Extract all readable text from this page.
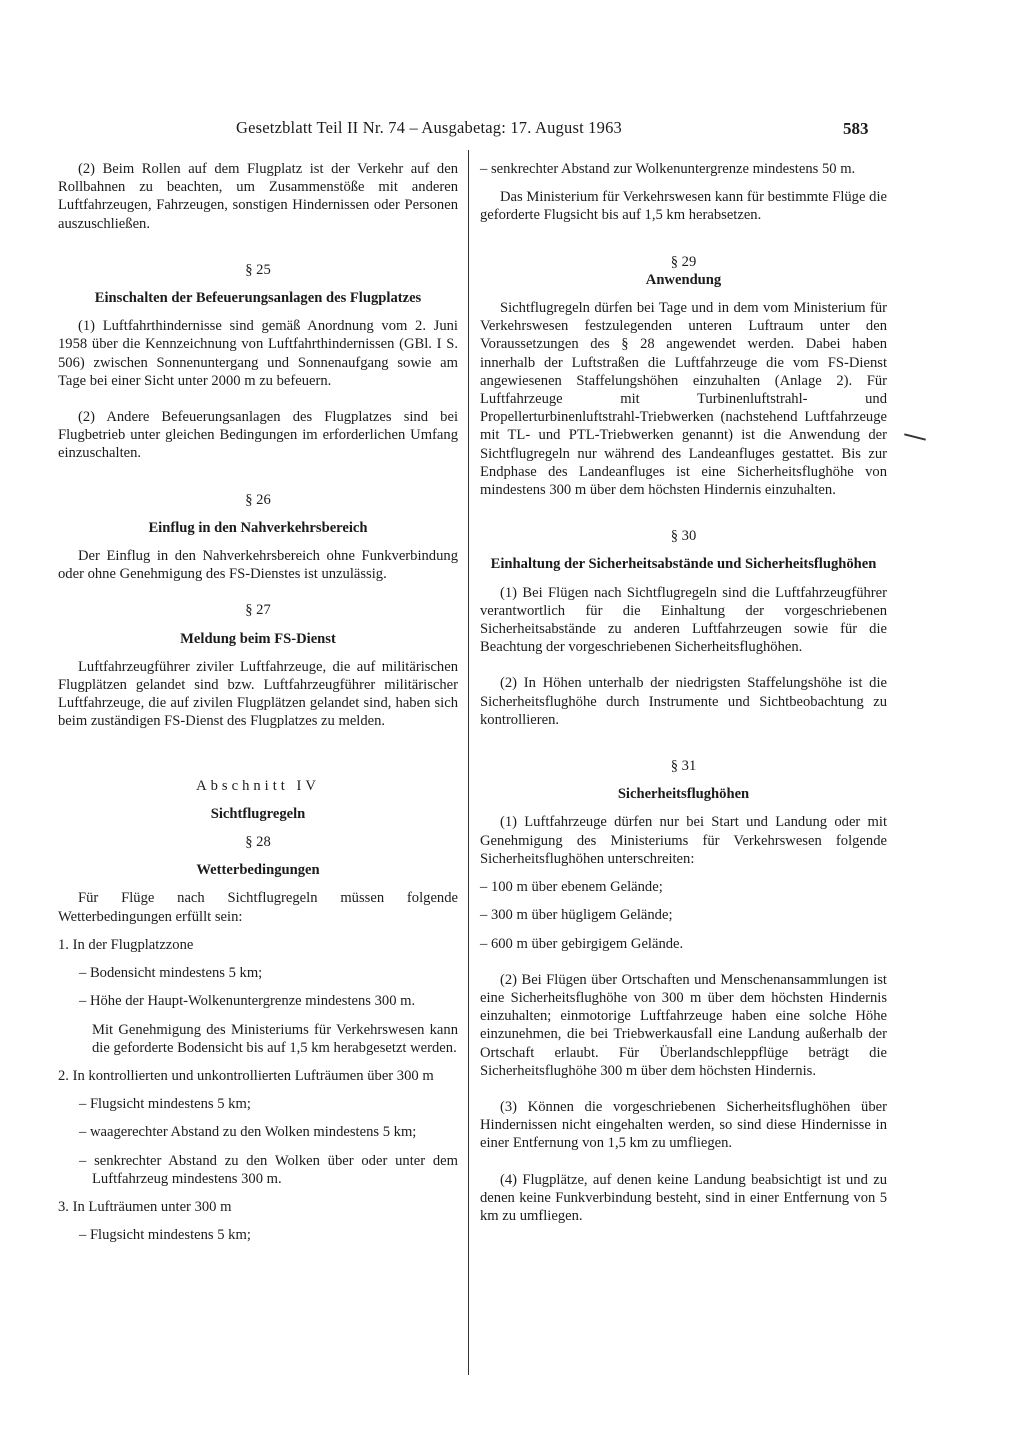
Gesetzblatt Teil II Nr. 74 – Ausgabetag: 17. August 1963	583

(2) Beim Rollen auf dem Flugplatz ist der Verkehr auf den Rollbahnen zu beachten, um Zusammenstöße mit anderen Luftfahrzeugen, Fahrzeugen, sonstigen Hindernissen oder Personen auszuschließen.

§ 25

Einschalten der Befeuerungsanlagen des Flugplatzes

(1) Luftfahrthindernisse sind gemäß Anordnung vom 2. Juni 1958 über die Kennzeichnung von Luftfahrthindernissen (GBl. I S. 506) zwischen Sonnenuntergang und Sonnenaufgang sowie am Tage bei einer Sicht unter 2000 m zu befeuern.

(2) Andere Befeuerungsanlagen des Flugplatzes sind bei Flugbetrieb unter gleichen Bedingungen im erforderlichen Umfang einzuschalten.

§ 26

Einflug in den Nahverkehrsbereich

Der Einflug in den Nahverkehrsbereich ohne Funkverbindung oder ohne Genehmigung des FS-Dienstes ist unzulässig.

§ 27

Meldung beim FS-Dienst

Luftfahrzeugführer ziviler Luftfahrzeuge, die auf militärischen Flugplätzen gelandet sind bzw. Luftfahrzeugführer militärischer Luftfahrzeuge, die auf zivilen Flugplätzen gelandet sind, haben sich beim zuständigen FS-Dienst des Flugplatzes zu melden.

Abschnitt IV

Sichtflugregeln

§ 28

Wetterbedingungen

Für Flüge nach Sichtflugregeln müssen folgende Wetterbedingungen erfüllt sein:

1. In der Flugplatzzone

– Bodensicht mindestens 5 km;

– Höhe der Haupt-Wolkenuntergrenze mindestens 300 m.

Mit Genehmigung des Ministeriums für Verkehrswesen kann die geforderte Bodensicht bis auf 1,5 km herabgesetzt werden.

2. In kontrollierten und unkontrollierten Lufträumen über 300 m

– Flugsicht mindestens 5 km;

– waagerechter Abstand zu den Wolken mindestens 5 km;

– senkrechter Abstand zu den Wolken über oder unter dem Luftfahrzeug mindestens 300 m.

3. In Lufträumen unter 300 m

– Flugsicht mindestens 5 km;

– senkrechter Abstand zur Wolkenuntergrenze mindestens 50 m.

Das Ministerium für Verkehrswesen kann für bestimmte Flüge die geforderte Flugsicht bis auf 1,5 km herabsetzen.

§ 29

Anwendung

Sichtflugregeln dürfen bei Tage und in dem vom Ministerium für Verkehrswesen festzulegenden unteren Luftraum unter den Voraussetzungen des § 28 angewendet werden. Dabei haben innerhalb der Luftstraßen die Luftfahrzeuge die vom FS-Dienst angewiesenen Staffelungshöhen einzuhalten (Anlage 2). Für Luftfahrzeuge mit Turbinenluftstrahl- und Propellerturbinenluftstrahl-Triebwerken (nachstehend Luftfahrzeuge mit TL- und PTL-Triebwerken genannt) ist die Anwendung der Sichtflugregeln nur während des Landeanfluges gestattet. Bis zur Endphase des Landeanfluges ist eine Sicherheitsflughöhe von mindestens 300 m über dem höchsten Hindernis einzuhalten.

§ 30

Einhaltung der Sicherheitsabstände und Sicherheitsflughöhen

(1) Bei Flügen nach Sichtflugregeln sind die Luftfahrzeugführer verantwortlich für die Einhaltung der vorgeschriebenen Sicherheitsabstände zu anderen Luftfahrzeugen sowie für die Beachtung der vorgeschriebenen Sicherheitsflughöhen.

(2) In Höhen unterhalb der niedrigsten Staffelungshöhe ist die Sicherheitsflughöhe durch Instrumente und Sichtbeobachtung zu kontrollieren.

§ 31

Sicherheitsflughöhen

(1) Luftfahrzeuge dürfen nur bei Start und Landung oder mit Genehmigung des Ministeriums für Verkehrswesen folgende Sicherheitsflughöhen unterschreiten:

– 100 m über ebenem Gelände;

– 300 m über hügligem Gelände;

– 600 m über gebirgigem Gelände.

(2) Bei Flügen über Ortschaften und Menschenansammlungen ist eine Sicherheitsflughöhe von 300 m über dem höchsten Hindernis einzuhalten; einmotorige Luftfahrzeuge haben eine solche Höhe einzunehmen, die bei Triebwerkausfall eine Landung außerhalb der Ortschaft erlaubt. Für Überlandschleppflüge beträgt die Sicherheitsflughöhe 300 m über dem höchsten Hindernis.

(3) Können die vorgeschriebenen Sicherheitsflughöhen über Hindernissen nicht eingehalten werden, so sind diese Hindernisse in einer Entfernung von 1,5 km zu umfliegen.

(4) Flugplätze, auf denen keine Landung beabsichtigt ist und zu denen keine Funkverbindung besteht, sind in einer Entfernung von 5 km zu umfliegen.
